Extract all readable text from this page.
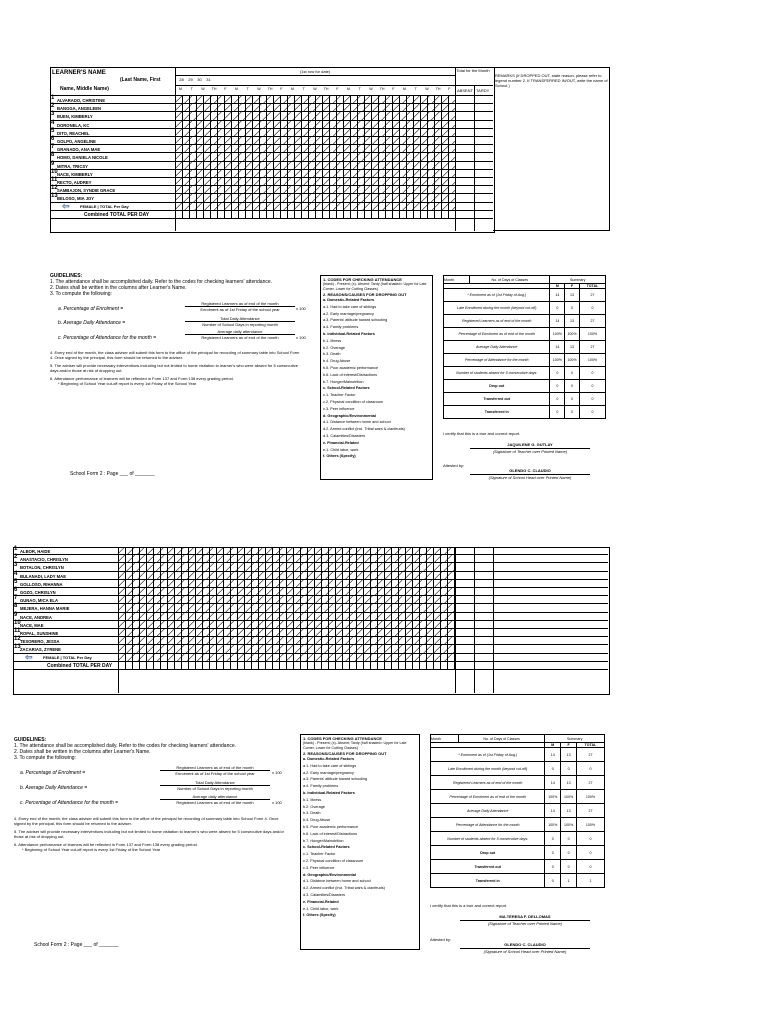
LEARNER'S NAME
(Last Name, First
Name, Middle Name)
(1st row for date)
28	29	30	31
M	T	W	TH	F	M	T	W	TH	F	M	T	W	TH	F	M	T	W	TH	F	M	T	W	TH	F
Total for the Month
ABSENT TARDY
REMARKS (If DROPPED OUT, state reason, please refer to legend number 2. If TRANSFERRED IN/OUT, write the name of School.)
1 ALVARADO, CHRISTINE
2 BANGGA, ANGELEEN
3 BUEN, KIMBERLY
4 DORONELA, KC
5 DITO, REACHEL
6 GOLPO, ANGELINE
7 GRANADO, ANA MAE
8 HOMO, DANIELA NICOLE
9 MITRA, TRICSY
10 NACE, KIMBERLY
11 RECTO, AUDREY
12 SAMBAJON, SYNDIE GRACE
13 BELOSO, MIA JOY
⇦	FEMALE | TOTAL Per Day
Combined TOTAL PER DAY
GUIDELINES:
1. The attendance shall be accomplished daily. Refer to the codes for checking learners' attendance.
2. Dates shall be written in the columns after Learner's Name.
3. To compute the following:
a. Percentage of Enrolment =
Registered Learners as of end of the month
Enrolment as of 1st Friday of the school year	x 100
b. Average Daily Attendance =
Total Daily Attendance
Number of School Days in reporting month
c. Percentage of Attendance for the month =
Average daily attendance
Registered Learners as of end of the month	x 100
4. Every end of the month, the class adviser will submit this form to the office of the principal for recording of summary table into School Form 4. Once signed by the principal, this form should be returned to the adviser.
5. The adviser will provide necessary interventions including but not limited to home visitation to learner's who were absent for 5 consecutive days and/or those at risk of dropping out.
6. Attendance performance of learners will be reflected in Form 137 and Form 138 every grading period.
* Beginning of School Year cut-off report is every 1st Friday of the School Year
School Form 2 : Page ___ of _______
1. CODES FOR CHECKING ATTENDANCE
(blank) - Present; (x)- Absent; Tardy (half shaded= Upper for Late Comer, Lower for Cutting Classes)
2. REASONS/CAUSES FOR DROPPING OUT
a. Domestic-Related Factors
a.1. Had to take care of siblings
a.2. Early marriage/pregnancy
a.3. Parents' attitude toward schooling
a.4. Family problems
b. Individual-Related Factors
b.1. Illness
b.2. Overage
b.3. Death
b.4. Drug Abuse
b.5. Poor academic performance
b.6. Lack of interest/Distractions
b.7. Hunger/Malnutrition
c. School-Related Factors
c.1. Teacher Factor
c.2. Physical condition of classroom
c.3. Peer influence
d. Geographic/Environmental
d.1. Distance between home and school
d.2. Armed conflict (incl. Tribal wars & clanfeuds)
d.3. Calamities/Disasters
e. Financial-Related
e.1. Child labor, work
f. Others (Specify)
Month	No. of Days of Classes	Summary		
		M	F	TOTAL
* Enrolment as of (1st Friday of Aug.)		14	13	27
Late Enrollment during the month (beyond cut-off)		0	0	0
Registered Learners as of end of the month		14	13	27
Percentage of Enrolment as of end of the month		100%	100%	100%
Average Daily Attendance		14	13	27
Percentage of Attendance for the month		100%	100%	100%
Number of students absent for 5 consecutive days:		0	0	0
Drop out		0	0	0
Transferred out		0	0	0
Transferred in		0	0	0
I certify that this is a true and correct report.
JAQUILENE G. GUTLAY
(Signature of Teacher over Printed Name)
Attested by:
GLENDO C. CLAUDIO
(Signature of School Head over Printed Name)
1 ALBOR, HAIDE
2 ANASTACIO, CHRISLYN
3 BOTALON, CHRISLYN
4 BULANADI, LADY MAE
5 GOLLOSO, RIHANNA
6 GOZO, CHRISLYN
7 GUNAO, MICA ELA
8 MEJERA, HANNA MARIE
9 NACE, ANDREA
10 NACE, MAE
11 ROPAL, SUNSHINE
12 TESORERO, JESSA
13 ZACARIAS, ZYRENE
⇦	FEMALE | TOTAL Per Day
Combined TOTAL PER DAY
GUIDELINES:
1. The attendance shall be accomplished daily. Refer to the codes for checking learners' attendance.
2. Dates shall be written in the columns after Learner's Name.
3. To compute the following:
a. Percentage of Enrolment =
Registered Learners as of end of the month
Enrolment as of 1st Friday of the school year	x 100
b. Average Daily Attendance =
Total Daily Attendance
Number of School Days in reporting month
c. Percentage of Attendance for the month =
Average daily attendance
Registered Learners as of end of the month	x 100
4. Every end of the month, the class adviser will submit this form to the office of the principal for recording of summary table into School Form 4. Once signed by the principal, this form should be returned to the adviser.
5. The adviser will provide necessary interventions including but not limited to home visitation to learner's who were absent for 5 consecutive days and/or those at risk of dropping out.
6. Attendance performance of learners will be reflected in Form 137 and Form 138 every grading period.
* Beginning of School Year cut-off report is every 1st Friday of the School Year
School Form 2 : Page ___ of _______
1. CODES FOR CHECKING ATTENDANCE
(blank) - Present; (x)- Absent; Tardy (half shaded= Upper for Late Comer, Lower for Cutting Classes)
2. REASONS/CAUSES FOR DROPPING OUT
a. Domestic-Related Factors
a.1. Had to take care of siblings
a.2. Early marriage/pregnancy
a.3. Parents' attitude toward schooling
a.4. Family problems
b. Individual-Related Factors
b.1. Illness
b.2. Overage
b.3. Death
b.4. Drug Abuse
b.5. Poor academic performance
b.6. Lack of interest/Distractions
b.7. Hunger/Malnutrition
c. School-Related Factors
c.1. Teacher Factor
c.2. Physical condition of classroom
c.3. Peer influence
d. Geographic/Environmental
d.1. Distance between home and school
d.2. Armed conflict (incl. Tribal wars & clanfeuds)
d.3. Calamities/Disasters
e. Financial-Related
e.1. Child labor, work
f. Others (Specify)
Month	No. of Days of Classes	Summary		
		M	F	TOTAL
* Enrolment as of (1st Friday of Aug.)		14	13	27
Late Enrollment during the month (beyond cut-off)		0	0	0
Registered Learners as of end of the month		14	13	27
Percentage of Enrolment as of end of the month		100%	100%	100%
Average Daily Attendance		14	13	27
Percentage of Attendance for the month		100%	100%	100%
Number of students absent for 5 consecutive days:		0	0	0
Drop out		0	0	0
Transferred out		0	0	0
Transferred in		0	1	1
I certify that this is a true and correct report.
MA.TERESA F. DELLOMAS
(Signature of Teacher over Printed Name)
Attested by:
GLENDO C. CLAUDIO
(Signature of School Head over Printed Name)
